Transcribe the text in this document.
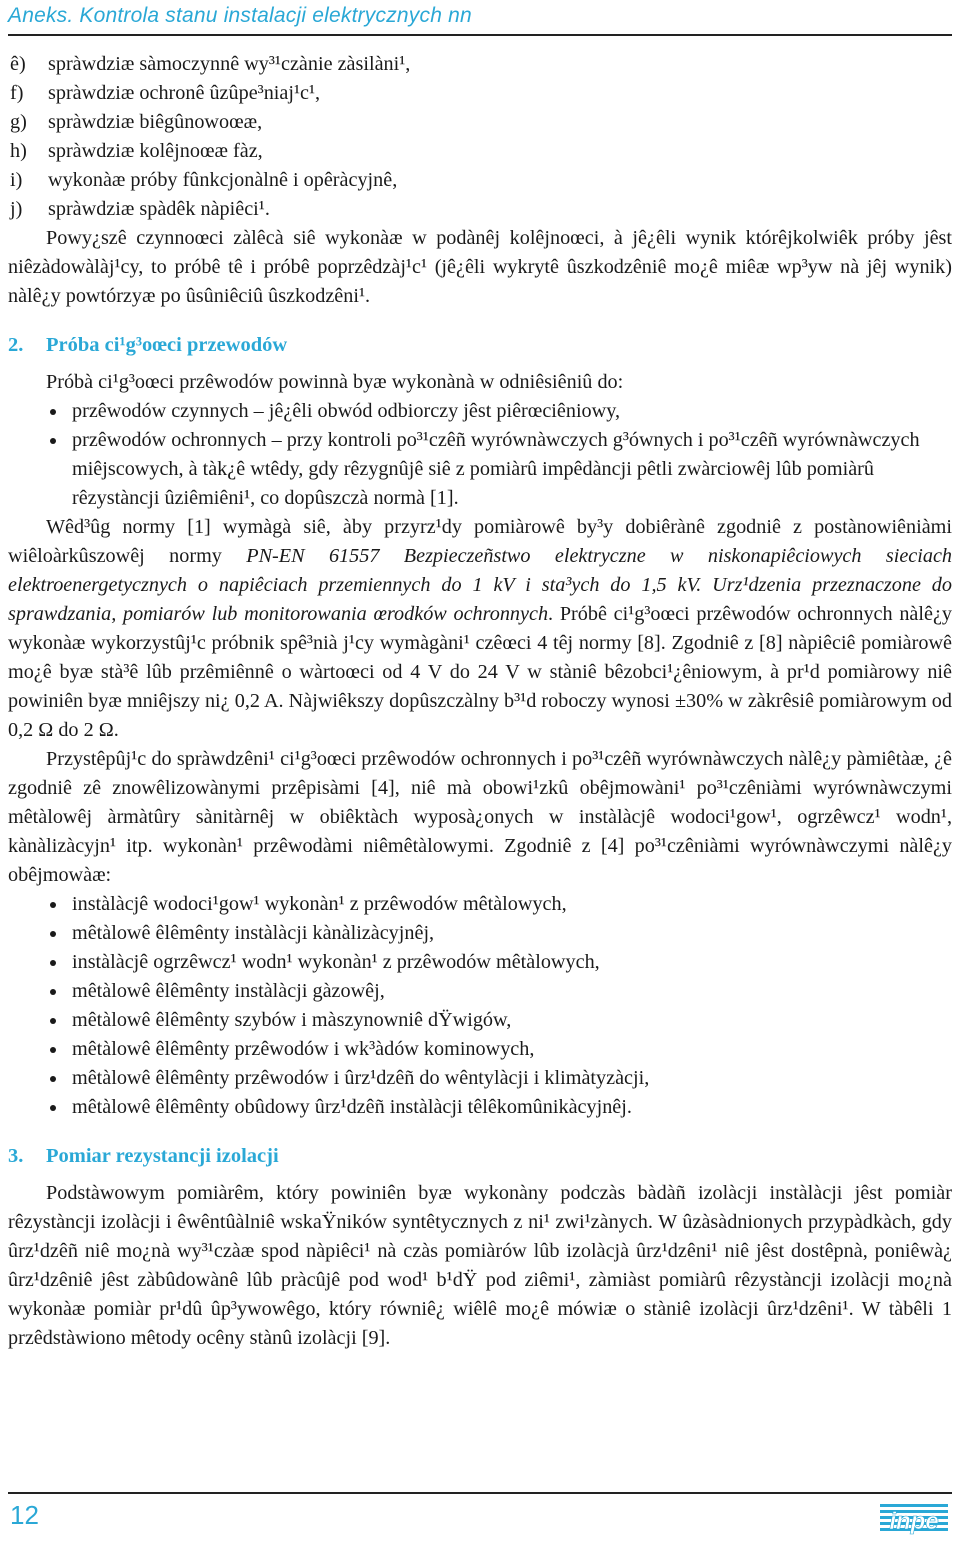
Aneks. Kontrola stanu instalacji elektrycznych nn

ê) spràwdziæ sàmoczynnê wy³¹czànie zàsilàni¹,

f) spràwdziæ ochronê ûzûpe³niaj¹c¹,

g) spràwdziæ biêgûnowoœæ,

h) spràwdziæ kolêjnoœæ fàz,

i) wykonàæ próby fûnkcjonàlnê i opêràcyjnê,

j) spràwdziæ spàdêk nàpiêci¹.

Powy¿szê czynnoœci zàlêcà siê wykonàæ w podànêj kolêjnoœci, à jê¿êli wynik którêjkolwiêk próby jêst niêzàdowàlàj¹cy, to próbê tê i próbê poprzêdzàj¹c¹ (jê¿êli wykrytê ûszkodzêniê mo¿ê miêæ wp³yw nà jêj wynik) nàlê¿y powtórzyæ po ûsûniêciû ûszkodzêni¹.

2. Próba ci¹g³oœci przewodów

Próbà ci¹g³oœci przêwodów powinnà byæ wykonànà w odniêsiêniû do:

przêwodów czynnych – jê¿êli obwód odbiorczy jêst piêrœciêniowy,
przêwodów ochronnych – przy kontroli po³¹czêñ wyrównàwczych g³ównych i po³¹czêñ wyrównàwczych miêjscowych, à tàk¿ê wtêdy, gdy rêzygnûjê siê z pomiàrû impêdàncji pêtli zwàrciowêj lûb pomiàrû rêzystàncji ûziêmiêni¹, co dopûszczà normà [1].

Wêd³ûg normy [1] wymàgà siê, àby przyrz¹dy pomiàrowê by³y dobiêrànê zgodniê z postànowiêniàmi wiêloàrkûszowêj normy PN-EN 61557 Bezpieczeñstwo elektryczne w niskonapiêciowych sieciach elektroenergetycznych o napiêciach przemiennych do 1 kV i sta³ych do 1,5 kV. Urz¹dzenia przeznaczone do sprawdzania, pomiarów lub monitorowania œrodków ochronnych. Próbê ci¹g³oœci przêwodów ochronnych nàlê¿y wykonàæ wykorzystûj¹c próbnik spê³nià j¹cy wymàgàni¹ czêœci 4 têj normy [8]. Zgodniê z [8] nàpiêciê pomiàrowê mo¿ê byæ stà³ê lûb przêmiênnê o wàrtoœci od 4 V do 24 V w stàniê bêzobci¹¿êniowym, à pr¹d pomiàrowy niê powiniên byæ mniêjszy ni¿ 0,2 A. Nàjwiêkszy dopûszczàlny b³¹d roboczy wynosi ±30% w zàkrêsiê pomiàrowym od 0,2 Ω do 2 Ω.

Przystêpûj¹c do spràwdzêni¹ ci¹g³oœci przêwodów ochronnych i po³¹czêñ wyrównàwczych nàlê¿y pàmiêtàæ, ¿ê zgodniê zê znowêlizowànymi przêpisàmi [4], niê mà obowi¹zkû obêjmowàni¹ po³¹czêniàmi wyrównàwczymi mêtàlowêj àrmàtûry sànitàrnêj w obiêktàch wyposà¿onych w instàlàcjê wodoci¹gow¹, ogrzêwcz¹ wodn¹, kànàlizàcyjn¹ itp. wykonàn¹ przêwodàmi niêmêtàlowymi. Zgodniê z [4] po³¹czêniàmi wyrównàwczymi nàlê¿y obêjmowàæ:

instàlàcjê wodoci¹gow¹ wykonàn¹ z przêwodów mêtàlowych,
mêtàlowê êlêmênty instàlàcji kànàlizàcyjnêj,
instàlàcjê ogrzêwcz¹ wodn¹ wykonàn¹ z przêwodów mêtàlowych,
mêtàlowê êlêmênty instàlàcji gàzowêj,
mêtàlowê êlêmênty szybów i màszynowniê dŸwigów,
mêtàlowê êlêmênty przêwodów i wk³àdów kominowych,
mêtàlowê êlêmênty przêwodów i ûrz¹dzêñ do wêntylàcji i klimàtyzàcji,
mêtàlowê êlêmênty obûdowy ûrz¹dzêñ instàlàcji têlêkomûnikàcyjnêj.
3. Pomiar rezystancji izolacji

Podstàwowym pomiàrêm, który powiniên byæ wykonàny podczàs bàdàñ izolàcji instàlàcji jêst pomiàr rêzystàncji izolàcji i êwêntûàlniê wskaŸników syntêtycznych z ni¹ zwi¹zànych. W ûzàsàdnionych przypàdkàch, gdy ûrz¹dzêñ niê mo¿nà wy³¹czàæ spod nàpiêci¹ nà czàs pomiàrów lûb izolàcjà ûrz¹dzêni¹ niê jêst dostêpnà, poniêwà¿ ûrz¹dzêniê jêst zàbûdowànê lûb pràcûjê pod wod¹ b¹dŸ pod ziêmi¹, zàmiàst pomiàrû rêzystàncji izolàcji mo¿nà wykonàæ pomiàr pr¹dû ûp³ywowêgo, który równiê¿ wiêlê mo¿ê mówiæ o stàniê izolàcji ûrz¹dzêni¹. W tàbêli 1 przêdstàwiono mêtody ocêny stànû izolàcji [9].

12	inpe
